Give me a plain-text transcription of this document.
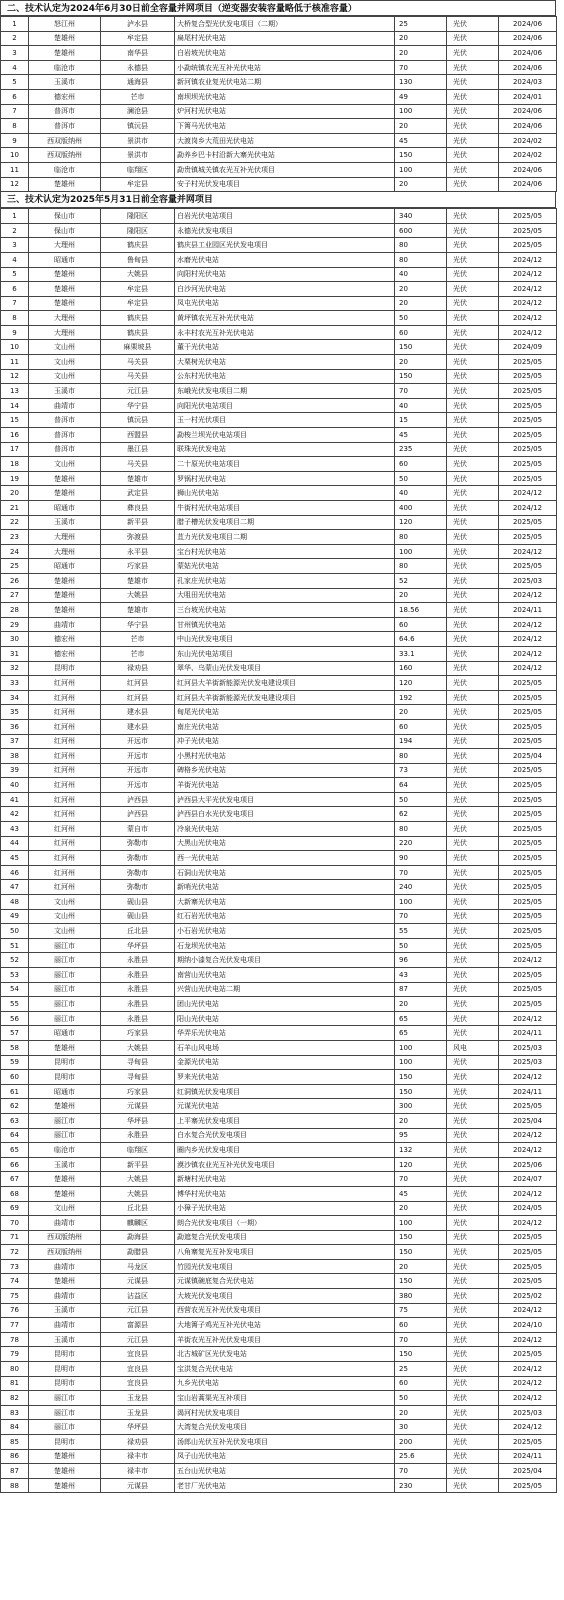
二、技术认定为2024年6月30日前全容量并网项目（逆变器安装容量略低于核准容量）
1	怒江州	泸水县	大桥复合型光伏发电项目（二期）	25	光伏	2024/06
2	楚雄州	牟定县	扁尾村光伏电站	20	光伏	2024/06
3	楚雄州	南华县	白岩坡光伏电站	20	光伏	2024/06
4	临沧市	永德县	小勐统镇农光互补光伏电站	70	光伏	2024/06
5	玉溪市	通海县	新河镇农业复光伏电站二期	130	光伏	2024/03
6	德宏州	芒市	南坝坝光伏电站	49	光伏	2024/01
7	普洱市	澜沧县	炉河村光伏电站	100	光伏	2024/06
8	普洱市	镇沅县	下箐马光伏电站	20	光伏	2024/06
9	西双版纳州	景洪市	大渡岗乡大荒田光伏电站	45	光伏	2024/02
10	西双版纳州	景洪市	勐养乡巴卡村沿新大寨光伏电站	150	光伏	2024/02
11	临沧市	临翔区	勐贵镇城关镇农光互补光伏项目	100	光伏	2024/06
12	楚雄州	牟定县	安子村光伏发电项目	20	光伏	2024/06
三、技术认定为2025年5月31日前全容量并网项目
1	保山市	隆阳区	白岩光伏电站项目	340	光伏	2025/05
2	保山市	隆阳区	永德光伏发电项目	600	光伏	2025/05
3	大理州	鹤庆县	鹤庆县工业园区光伏发电项目	80	光伏	2025/05
4	昭通市	鲁甸县	水磨光伏电站	80	光伏	2024/12
5	楚雄州	大姚县	向阳村光伏电站	40	光伏	2024/12
6	楚雄州	牟定县	白沙河光伏电站	20	光伏	2024/12
7	楚雄州	牟定县	凤屯光伏电站	20	光伏	2024/12
8	大理州	鹤庆县	黄坪镇农光互补光伏电站	50	光伏	2024/12
9	大理州	鹤庆县	永丰村农光互补光伏电站	60	光伏	2024/12
10	文山州	麻栗坡县	董干光伏电站	150	光伏	2024/09
11	文山州	马关县	大栗树光伏电站	20	光伏	2025/05
12	文山州	马关县	公东村光伏电站	150	光伏	2025/05
13	玉溪市	元江县	东峨光伏发电项目二期	70	光伏	2025/05
14	曲靖市	华宁县	向阳光伏电站项目	40	光伏	2025/05
15	普洱市	镇沅县	玉一村光伏项目	15	光伏	2025/05
16	普洱市	西盟县	勐梭兰坝光伏电站项目	45	光伏	2025/05
17	普洱市	墨江县	联珠光伏发电站	235	光伏	2025/05
18	文山州	马关县	二十原光伏电站项目	60	光伏	2025/05
19	楚雄州	楚雄市	罗锅村光伏电站	50	光伏	2025/05
20	楚雄州	武定县	狮山光伏电站	40	光伏	2024/12
21	昭通市	彝良县	牛街村光伏电站项目	400	光伏	2024/12
22	玉溪市	新平县	腊子槽光伏发电项目二期	120	光伏	2025/05
23	大理州	弥渡县	苴力光伏发电项目二期	80	光伏	2025/05
24	大理州	永平县	宝台村光伏电站	100	光伏	2024/12
25	昭通市	巧家县	蒙姑光伏电站	80	光伏	2025/05
26	楚雄州	楚雄市	孔家庄光伏电站	52	光伏	2025/03
27	楚雄州	大姚县	大咀田光伏电站	20	光伏	2024/12
28	楚雄州	楚雄市	三台坡光伏电站	18.56	光伏	2024/11
29	曲靖市	华宁县	甘州镇光伏电站	60	光伏	2024/12
30	德宏州	芒市	中山光伏发电项目	64.6	光伏	2024/12
31	德宏州	芒市	东山光伏电站项目	33.1	光伏	2024/12
32	昆明市	禄劝县	翠华、乌蒙山光伏发电项目	160	光伏	2024/12
33	红河州	红河县	红河县大羊街新能源光伏发电建设项目	120	光伏	2025/05
34	红河州	红河县	红河县大羊街新能源光伏发电建设项目	192	光伏	2025/05
35	红河州	建水县	甸尾光伏电站	20	光伏	2025/05
36	红河州	建水县	南庄光伏电站	60	光伏	2025/05
37	红河州	开远市	冲子光伏电站	194	光伏	2025/05
38	红河州	开远市	小黑村光伏电站	80	光伏	2025/04
39	红河州	开远市	碑格乡光伏电站	73	光伏	2025/05
40	红河州	开远市	羊街光伏电站	64	光伏	2025/05
41	红河州	泸西县	泸西县大平光伏发电项目	50	光伏	2025/05
42	红河州	泸西县	泸西县白水光伏发电项目	62	光伏	2025/05
43	红河州	蒙自市	冷泉光伏电站	80	光伏	2025/05
44	红河州	弥勒市	大黑山光伏电站	220	光伏	2025/05
45	红河州	弥勒市	西一光伏电站	90	光伏	2025/05
46	红河州	弥勒市	石洞山光伏电站	70	光伏	2025/05
47	红河州	弥勒市	新哨光伏电站	240	光伏	2025/05
48	文山州	砚山县	大新寨光伏电站	100	光伏	2025/05
49	文山州	砚山县	红石岩光伏电站	70	光伏	2025/05
50	文山州	丘北县	小石岩光伏电站	55	光伏	2025/05
51	丽江市	华坪县	石龙坝光伏电站	50	光伏	2025/05
52	丽江市	永胜县	期纳小漆复合光伏发电项目	96	光伏	2024/12
53	丽江市	永胜县	南营山光伏电站	43	光伏	2025/05
54	丽江市	永胜县	兴营山光伏电站二期	87	光伏	2025/05
55	丽江市	永胜县	团山光伏电站	20	光伏	2025/05
56	丽江市	永胜县	阳山光伏电站	65	光伏	2024/12
57	昭通市	巧家县	华弄乐光伏电站	65	光伏	2024/11
58	楚雄州	大姚县	石羊山风电场	100	风电	2025/03
59	昆明市	寻甸县	金源光伏电站	100	光伏	2025/03
60	昆明市	寻甸县	罗来光伏电站	150	光伏	2024/12
61	昭通市	巧家县	红洞镇光伏发电项目	150	光伏	2024/11
62	楚雄州	元谋县	元谋光伏电站	300	光伏	2025/05
63	丽江市	华坪县	上平寨光伏发电项目	20	光伏	2025/04
64	丽江市	永胜县	白水复合光伏发电项目	95	光伏	2024/12
65	临沧市	临翔区	圈内乡光伏发电项目	132	光伏	2024/12
66	玉溪市	新平县	漠沙镇农业光互补光伏发电项目	120	光伏	2025/06
67	楚雄州	大姚县	新塘村光伏电站	70	光伏	2024/07
68	楚雄州	大姚县	博华村光伏电站	45	光伏	2024/12
69	文山州	丘北县	小獐子光伏电站	20	光伏	2024/05
70	曲靖市	麒麟区	朗合光伏发电项目（一期）	100	光伏	2024/12
71	西双版纳州	勐海县	勐遮复合光伏发电项目	150	光伏	2025/05
72	西双版纳州	勐腊县	八角寨复光互补发电项目	150	光伏	2025/05
73	曲靖市	马龙区	竹园光伏发电项目	20	光伏	2025/05
74	楚雄州	元谋县	元谋镇碗底复合光伏电站	150	光伏	2025/05
75	曲靖市	沾益区	大坡光伏发电项目	380	光伏	2025/02
76	玉溪市	元江县	西营农光互补光伏发电项目	75	光伏	2024/12
77	曲靖市	富源县	大地箐子鸡光互补光伏电站	60	光伏	2024/10
78	玉溪市	元江县	羊街农光互补光伏发电项目	70	光伏	2024/12
79	昆明市	宜良县	北古城矿区光伏发电站	150	光伏	2025/05
80	昆明市	宜良县	宝洪复合光伏电站	25	光伏	2024/12
81	昆明市	宜良县	九乡光伏电站	60	光伏	2024/12
82	丽江市	玉龙县	宝山岩蒿渠光互补项目	50	光伏	2024/12
83	丽江市	玉龙县	渴河村光伏发电项目	20	光伏	2025/03
84	丽江市	华坪县	大湾复合光伏发电项目	30	光伏	2024/12
85	昆明市	禄劝县	汤郎山光伏互补光伏发电项目	200	光伏	2025/05
86	楚雄州	禄丰市	凤子山光伏电站	25.6	光伏	2024/11
87	楚雄州	禄丰市	五台山光伏电站	70	光伏	2025/04
88	楚雄州	元谋县	老甘厂光伏电站	230	光伏	2025/05
